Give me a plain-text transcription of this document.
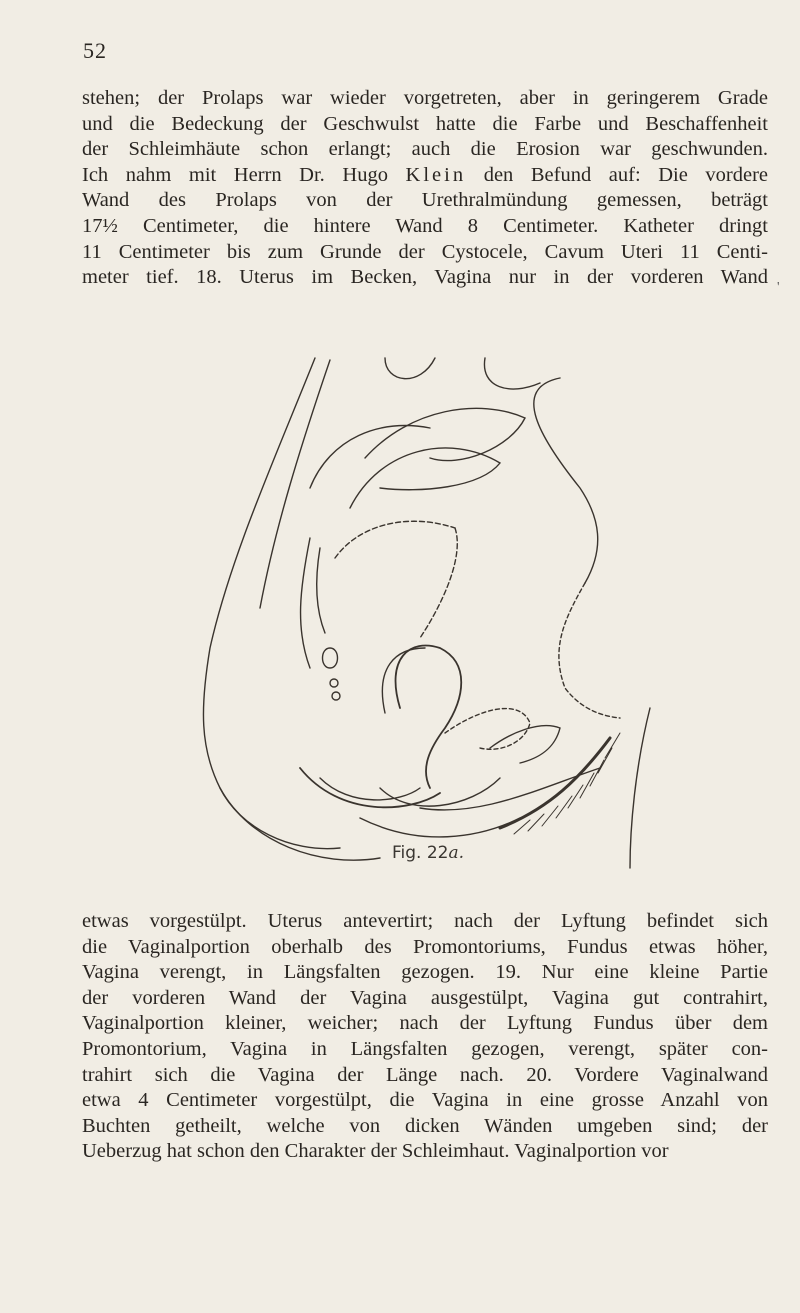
52
stehen; der Prolaps war wieder vorgetreten, aber in geringerem Grade
und die Bedeckung der Geschwulst hatte die Farbe und Beschaffenheit
der Schleimhäute schon erlangt; auch die Erosion war geschwunden.
Ich nahm mit Herrn Dr. Hugo Klein den Befund auf: Die vordere
Wand des Prolaps von der Urethralmündung gemessen, beträgt
17½ Centimeter, die hintere Wand 8 Centimeter. Katheter dringt
11 Centimeter bis zum Grunde der Cystocele, Cavum Uteri 11 Centi-
meter tief. 18. Uterus im Becken, Vagina nur in der vorderen Wand '
Fig. 22a.
etwas vorgestülpt. Uterus antevertirt; nach der Lyftung befindet sich
die Vaginalportion oberhalb des Promontoriums, Fundus etwas höher,
Vagina verengt, in Längsfalten gezogen. 19. Nur eine kleine Partie
der vorderen Wand der Vagina ausgestülpt, Vagina gut contrahirt,
Vaginalportion kleiner, weicher; nach der Lyftung Fundus über dem
Promontorium, Vagina in Längsfalten gezogen, verengt, später con-
trahirt sich die Vagina der Länge nach. 20. Vordere Vaginalwand
etwa 4 Centimeter vorgestülpt, die Vagina in eine grosse Anzahl von
Buchten getheilt, welche von dicken Wänden umgeben sind; der
Ueberzug hat schon den Charakter der Schleimhaut. Vaginalportion vor
